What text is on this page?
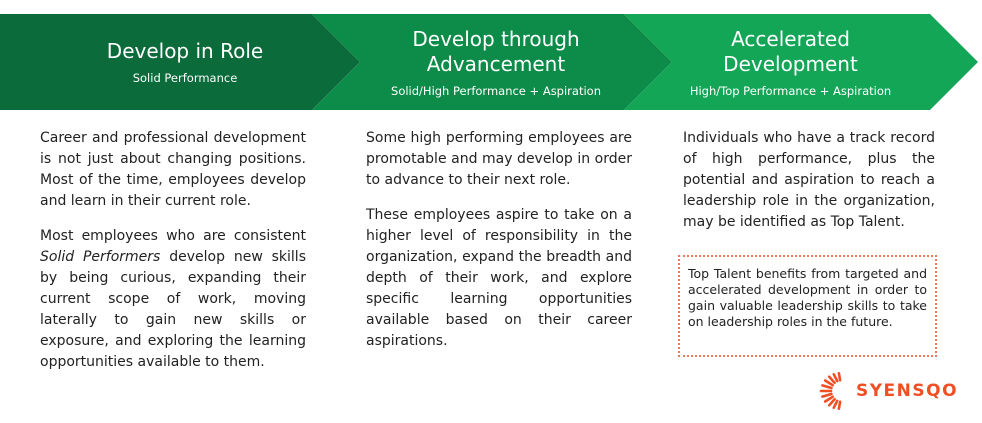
Develop in Role
Solid Performance
Develop through Advancement
Solid/High Performance + Aspiration
Accelerated Development
High/Top Performance + Aspiration

Career and professional development is not just about changing positions. Most of the time, employees develop and learn in their current role.

Most employees who are consistent Solid Performers develop new skills by being curious, expanding their current scope of work, moving laterally to gain new skills or exposure, and exploring the learning opportunities available to them.

Some high performing employees are promotable and may develop in order to advance to their next role.

These employees aspire to take on a higher level of responsibility in the organization, expand the breadth and depth of their work, and explore specific learning opportunities available based on their career aspirations.

Individuals who have a track record of high performance, plus the potential and aspiration to reach a leadership role in the organization, may be identified as Top Talent.

Top Talent benefits from targeted and accelerated development in order to gain valuable leadership skills to take on leadership roles in the future.
SYENSQO
